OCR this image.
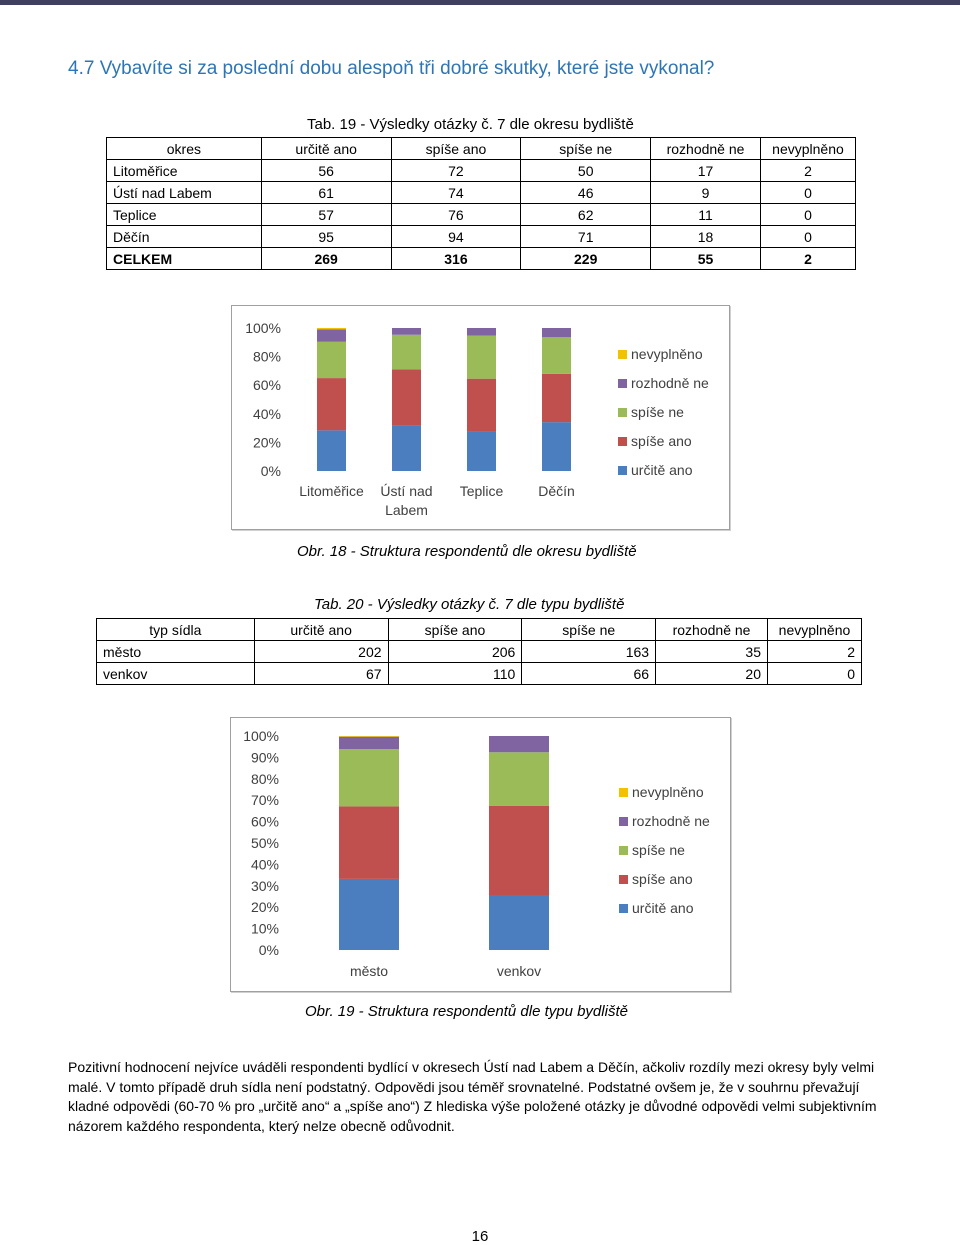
4.7 Vybavíte si za poslední dobu alespoň tři dobré skutky, které jste vykonal?
Tab. 19 - Výsledky otázky č. 7 dle okresu bydliště
okres	určitě ano	spíše ano	spíše ne	rozhodně ne	nevyplněno
Litoměřice	56	72	50	17	2
Ústí nad Labem	61	74	46	9	0
Teplice	57	76	62	11	0
Děčín	95	94	71	18	0
CELKEM	269	316	229	55	2
0%
20%
40%
60%
80%
100%
Litoměřice Ústí nad
Labem
Teplice Děčín
nevyplněno
rozhodně ne
spíše ne
spíše ano
určitě ano
Obr. 18 - Struktura respondentů dle okresu bydliště
Tab. 20 - Výsledky otázky č. 7 dle typu bydliště
typ sídla	určitě ano	spíše ano	spíše ne	rozhodně ne	nevyplněno
město	202	206	163	35	2
venkov	67	110	66	20	0
0%
10%
20%
30%
40%
50%
60%
70%
80%
90%
100%
město	venkov
nevyplněno
rozhodně ne
spíše ne
spíše ano
určitě ano
Obr. 19 - Struktura respondentů dle typu bydliště
Pozitivní hodnocení nejvíce uváděli respondenti bydlící v okresech Ústí nad Labem a Děčín, ačkoliv rozdíly mezi okresy byly velmi malé. V tomto případě druh sídla není podstatný. Odpovědi jsou téměř srovnatelné. Podstatné ovšem je, že v souhrnu převažují kladné odpovědi (60-70 % pro „určitě ano“ a „spíše ano“) Z hlediska výše položené otázky je důvodné odpovědi velmi subjektivním názorem každého respondenta, který nelze obecně odůvodnit.
16
